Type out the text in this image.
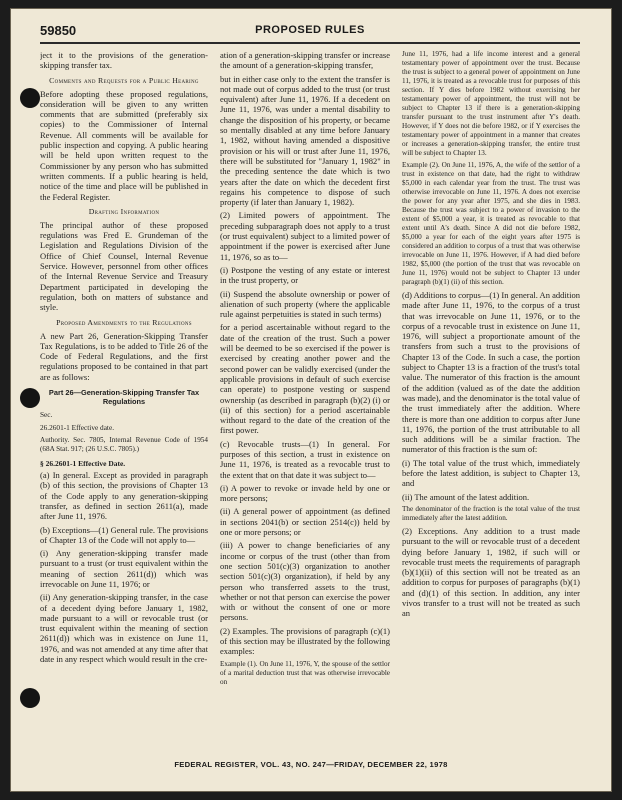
59850	PROPOSED RULES

ject it to the provisions of the generation-skipping transfer tax.

Comments and Requests for a Public Hearing

Before adopting these proposed regulations, consideration will be given to any written comments that are submitted (preferably six copies) to the Commissioner of Internal Revenue. All comments will be available for public inspection and copying. A public hearing will be held upon written request to the Commissioner by any person who has submitted written comments. If a public hearing is held, notice of the time and place will be published in the Federal Register.

Drafting Information

The principal author of these proposed regulations was Fred E. Grundeman of the Legislation and Regulations Division of the Office of Chief Counsel, Internal Revenue Service. However, personnel from other offices of the Internal Revenue Service and Treasury Department participated in developing the regulation, both on matters of substance and style.

Proposed Amendments to the Regulations

A new Part 26, Generation-Skipping Transfer Tax Regulations, is to be added to Title 26 of the Code of Federal Regulations, and the first regulations proposed to be contained in that part are as follows:

Part 26—Generation-Skipping Transfer Tax Regulations
Sec.
26.2601-1 Effective date.

Authority. Sec. 7805, Internal Revenue Code of 1954 (68A Stat. 917; (26 U.S.C. 7805).)

§ 26.2601-1 Effective Date.

(a) In general. Except as provided in paragraph (b) of this section, the provisions of Chapter 13 of the Code apply to any generation-skipping transfer, as defined in section 2611(a), made after June 11, 1976.

(b) Exceptions—(1) General rule. The provisions of Chapter 13 of the Code will not apply to—

(i) Any generation-skipping transfer made pursuant to a trust (or trust equivalent within the meaning of section 2611(d)) which was irrevocable on June 11, 1976; or

(ii) Any generation-skipping transfer, in the case of a decedent dying before January 1, 1982, made pursuant to a will or revocable trust (or trust equivalent within the meaning of section 2611(d)) which was in existence on June 11, 1976, and was not amended at any time after that date in any respect which would result in the cre-

ation of a generation-skipping transfer or increase the amount of a generation-skipping transfer,

but in either case only to the extent the transfer is not made out of corpus added to the trust (or trust equivalent) after June 11, 1976. If a decedent on June 11, 1976, was under a mental disability to change the disposition of his property, or became so mentally disabled at any time before January 1, 1982, without having amended a dispositive provision or his will or trust after June 11, 1976, there will be substituted for "January 1, 1982" in the preceding sentence the date which is two years after the date on which the decedent first regains his competence to dispose of such property (if later than January 1, 1982).

(2) Limited powers of appointment. The preceding subparagraph does not apply to a trust (or trust equivalent) subject to a limited power of appointment if the power is exercised after June 11, 1976, so as to—

(i) Postpone the vesting of any estate or interest in the trust property, or

(ii) Suspend the absolute ownership or power of alienation of such property (where the applicable rule against perpetuities is stated in such terms)

for a period ascertainable without regard to the date of the creation of the trust. Such a power will be deemed to be so exercised if the power is exercised by creating another power and the second power can be validly exercised (under the applicable provisions in default of such exercise can operate) to postpone vesting or suspend ownership (as described in paragraph (b)(2) (i) or (ii) of this section) for a period ascertainable without regard to the date of the creation of the first power.

(c) Revocable trusts—(1) In general. For purposes of this section, a trust in existence on June 11, 1976, is treated as a revocable trust to the extent that on that date it was subject to—

(i) A power to revoke or invade held by one or more persons;

(ii) A general power of appointment (as defined in sections 2041(b) or section 2514(c)) held by one or more persons; or

(iii) A power to change beneficiaries of any income or corpus of the trust (other than from one section 501(c)(3) organization to another section 501(c)(3) organization), if held by any person who transferred assets to the trust, whether or not that person can exercise the power with or without the consent of one or more persons.

(2) Examples. The provisions of paragraph (c)(1) of this section may be illustrated by the following examples:

Example (1). On June 11, 1976, Y, the spouse of the settlor of a marital deduction trust that was otherwise irrevocable on

June 11, 1976, had a life income interest and a general testamentary power of appointment over the trust. Because the trust is subject to a general power of appointment on June 11, 1976, it is treated as a revocable trust for purposes of this section. If Y dies before 1982 without exercising her testamentary power of appointment, the trust will not be subject to Chapter 13 if there is a generation-skipping transfer pursuant to the trust instrument after Y's death. However, if Y does not die before 1982, or if Y exercises the testamentary power of appointment in a manner that creates or increases a generation-skipping transfer, the entire trust will be subject to Chapter 13.

Example (2). On June 11, 1976, A, the wife of the settlor of a trust in existence on that date, had the right to withdraw $5,000 in each calendar year from the trust. The trust was otherwise irrevocable on June 11, 1976. A does not exercise the power for any year after 1975, and she dies in 1983. Because the trust was subject to a power of invasion to the extent of $5,000 a year, it is treated as revocable to that extent until A's death. Since A did not die before 1982, $5,000 a year for each of the eight years after 1975 is considered an addition to corpus of a trust that was otherwise irrevocable on June 11, 1976. However, if A had died before 1982, $5,000 (the portion of the trust that was revocable on June 11, 1976) would not be subject to Chapter 13 under paragraph (b)(1) (ii) of this section.

(d) Additions to corpus—(1) In general. An addition made after June 11, 1976, to the corpus of a trust that was irrevocable on June 11, 1976, or to the corpus of a revocable trust in existence on June 11, 1976, will subject a proportionate amount of the transfers from such a trust to the provisions of Chapter 13 of the Code. In such a case, the portion subject to Chapter 13 is a fraction of the trust's total value. The numerator of this fraction is the amount of the addition (valued as of the date the addition was made), and the denominator is the total value of the trust immediately after the addition. Where there is more than one addition to corpus after June 11, 1976, the portion of the trust attributable to all such additions will be a similar fraction. The numerator of this fraction is the sum of:

(i) The total value of the trust which, immediately before the latest addition, is subject to Chapter 13, and

(ii) The amount of the latest addition.

The denominator of the fraction is the total value of the trust immediately after the latest addition.

(2) Exceptions. Any addition to a trust made pursuant to the will or revocable trust of a decedent dying before January 1, 1982, if such will or revocable trust meets the requirements of paragraph (b)(1)(ii) of this section will not be treated as an addition to corpus for purposes of paragraphs (b)(1) and (d)(1) of this section. In addition, any inter vivos transfer to a trust will not be treated as such an

FEDERAL REGISTER, VOL. 43, NO. 247—FRIDAY, DECEMBER 22, 1978
